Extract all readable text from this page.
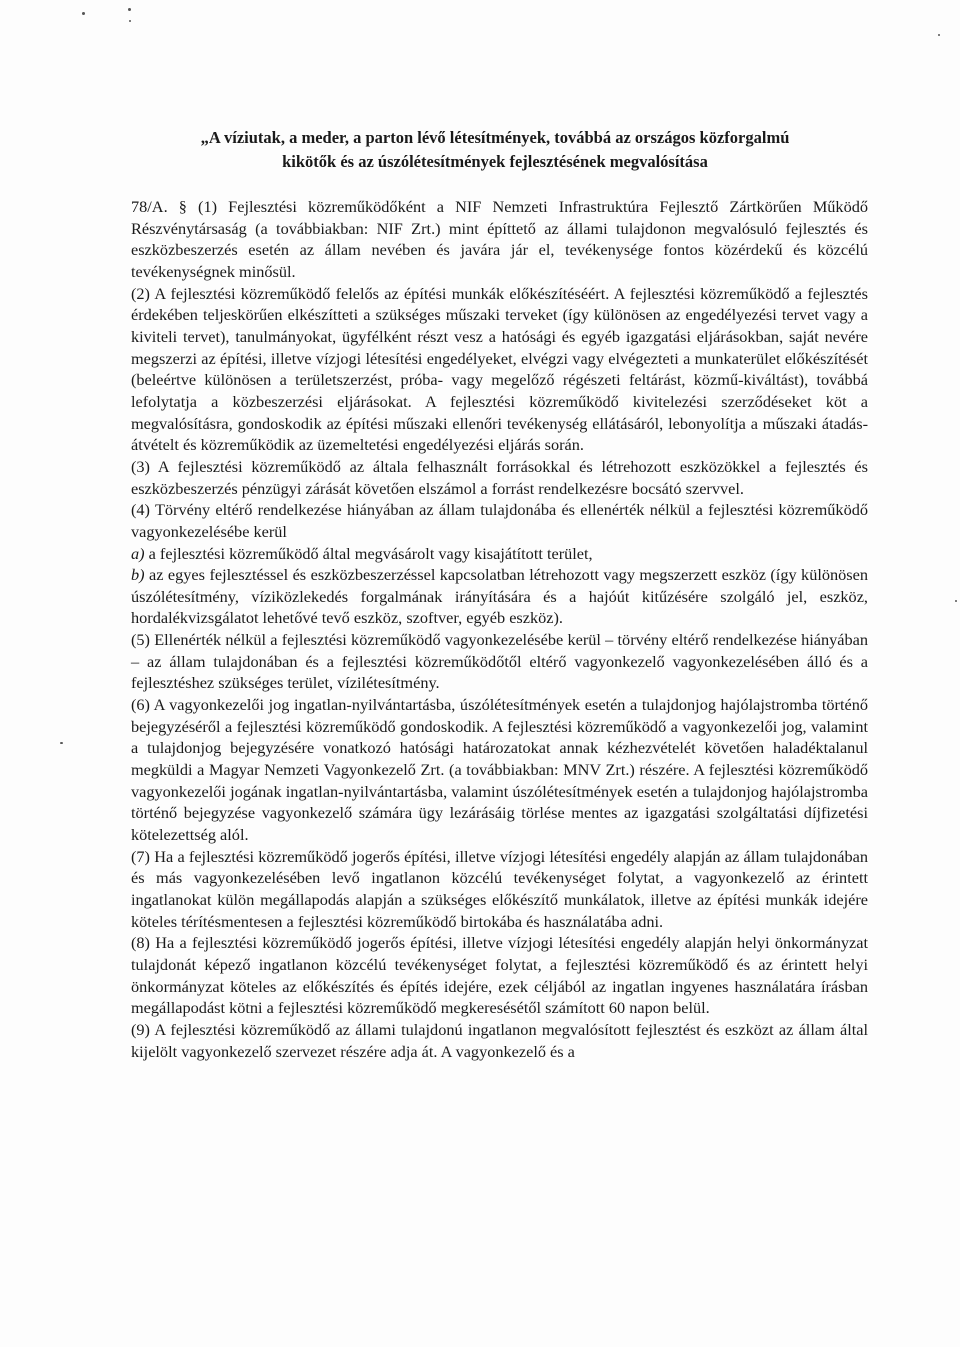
„A víziutak, a meder, a parton lévő létesítmények, továbbá az országos közforgalmú
kikötők és az úszólétesítmények fejlesztésének megvalósítása

78/A. § (1) Fejlesztési közreműködőként a NIF Nemzeti Infrastruktúra Fejlesztő Zártkörűen Működő Részvénytársaság (a továbbiakban: NIF Zrt.) mint építtető az állami tulajdonon megvalósuló fejlesztés és eszközbeszerzés esetén az állam nevében és javára jár el, tevékenysége fontos közérdekű és közcélú tevékenységnek minősül.

(2) A fejlesztési közreműködő felelős az építési munkák előkészítéséért. A fejlesztési közreműködő a fejlesztés érdekében teljeskörűen elkészítteti a szükséges műszaki terveket (így különösen az engedélyezési tervet vagy a kiviteli tervet), tanulmányokat, ügyfélként részt vesz a hatósági és egyéb igazgatási eljárásokban, saját nevére megszerzi az építési, illetve vízjogi létesítési engedélyeket, elvégzi vagy elvégezteti a munkaterület előkészítését (beleértve különösen a területszerzést, próba- vagy megelőző régészeti feltárást, közmű-kiváltást), továbbá lefolytatja a közbeszerzési eljárásokat. A fejlesztési közreműködő kivitelezési szerződéseket köt a megvalósításra, gondoskodik az építési műszaki ellenőri tevékenység ellátásáról, lebonyolítja a műszaki átadás-átvételt és közreműködik az üzemeltetési engedélyezési eljárás során.

(3) A fejlesztési közreműködő az általa felhasznált forrásokkal és létrehozott eszközökkel a fejlesztés és eszközbeszerzés pénzügyi zárását követően elszámol a forrást rendelkezésre bocsátó szervvel.

(4) Törvény eltérő rendelkezése hiányában az állam tulajdonába és ellenérték nélkül a fejlesztési közreműködő vagyonkezelésébe kerül

a) a fejlesztési közreműködő által megvásárolt vagy kisajátított terület,

b) az egyes fejlesztéssel és eszközbeszerzéssel kapcsolatban létrehozott vagy megszerzett eszköz (így különösen úszólétesítmény, víziközlekedés forgalmának irányítására és a hajóút kitűzésére szolgáló jel, eszköz, hordalékvizsgálatot lehetővé tevő eszköz, szoftver, egyéb eszköz).

(5) Ellenérték nélkül a fejlesztési közreműködő vagyonkezelésébe kerül – törvény eltérő rendelkezése hiányában – az állam tulajdonában és a fejlesztési közreműködőtől eltérő vagyonkezelő vagyonkezelésében álló és a fejlesztéshez szükséges terület, vízilétesítmény.

(6) A vagyonkezelői jog ingatlan-nyilvántartásba, úszólétesítmények esetén a tulajdonjog hajólajstromba történő bejegyzéséről a fejlesztési közreműködő gondoskodik. A fejlesztési közreműködő a vagyonkezelői jog, valamint a tulajdonjog bejegyzésére vonatkozó hatósági határozatokat annak kézhezvételét követően haladéktalanul megküldi a Magyar Nemzeti Vagyonkezelő Zrt. (a továbbiakban: MNV Zrt.) részére. A fejlesztési közreműködő vagyonkezelői jogának ingatlan-nyilvántartásba, valamint úszólétesítmények esetén a tulajdonjog hajólajstromba történő bejegyzése vagyonkezelő számára ügy lezárásáig törlése mentes az igazgatási szolgáltatási díjfizetési kötelezettség alól.

(7) Ha a fejlesztési közreműködő jogerős építési, illetve vízjogi létesítési engedély alapján az állam tulajdonában és más vagyonkezelésében levő ingatlanon közcélú tevékenységet folytat, a vagyonkezelő az érintett ingatlanokat külön megállapodás alapján a szükséges előkészítő munkálatok, illetve az építési munkák idejére köteles térítésmentesen a fejlesztési közreműködő birtokába és használatába adni.

(8) Ha a fejlesztési közreműködő jogerős építési, illetve vízjogi létesítési engedély alapján helyi önkormányzat tulajdonát képező ingatlanon közcélú tevékenységet folytat, a fejlesztési közreműködő és az érintett helyi önkormányzat köteles az előkészítés és építés idejére, ezek céljából az ingatlan ingyenes használatára írásban megállapodást kötni a fejlesztési közreműködő megkeresésétől számított 60 napon belül.

(9) A fejlesztési közreműködő az állami tulajdonú ingatlanon megvalósított fejlesztést és eszközt az állam által kijelölt vagyonkezelő szervezet részére adja át. A vagyonkezelő és a
